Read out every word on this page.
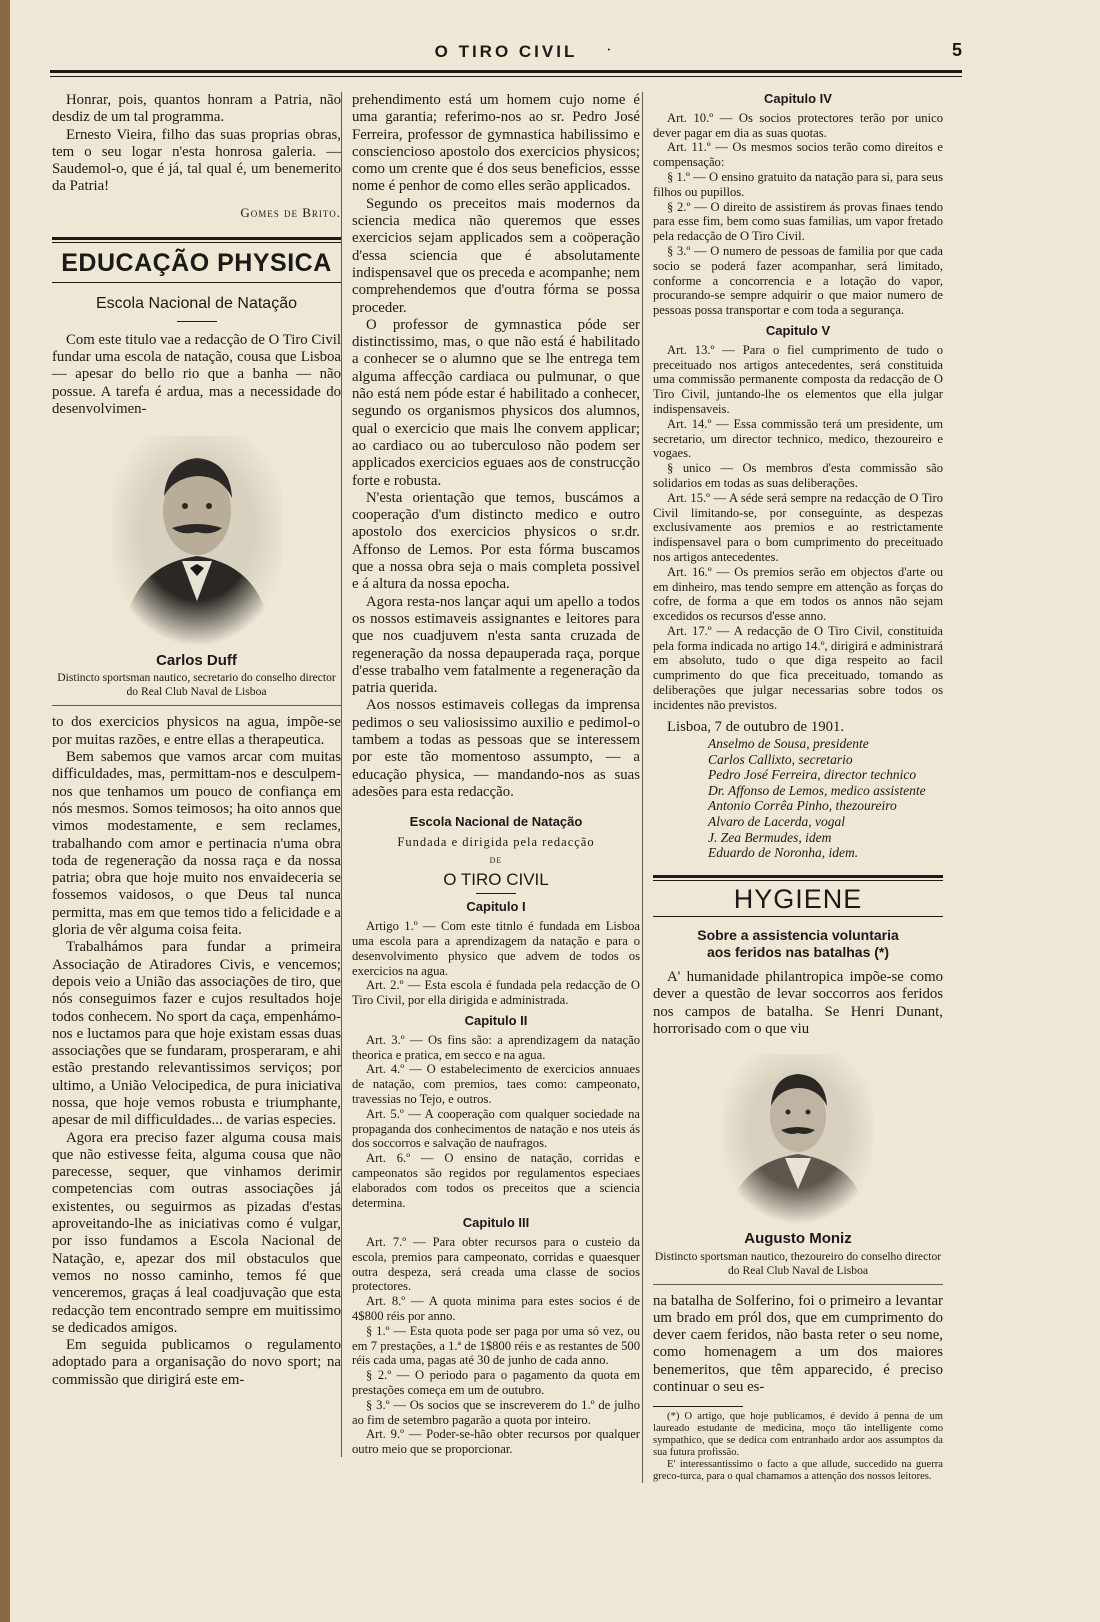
O TIRO CIVIL	·	5

Honrar, pois, quantos honram a Patria, não desdiz de um tal programma.

Ernesto Vieira, filho das suas proprias obras, tem o seu logar n'esta honrosa galeria. — Saudemol-o, que é já, tal qual é, um benemerito da Patria!

Gomes de Brito.
EDUCAÇÃO PHYSICA
Escola Nacional de Natação

Com este titulo vae a redacção de O Tiro Civil fundar uma escola de natação, cousa que Lisboa — apesar do bello rio que a banha — não possue. A tarefa é ardua, mas a necessidade do desenvolvimen-

Carlos Duff
Distincto sportsman nautico, secretario do conselho director do Real Club Naval de Lisboa

to dos exercicios physicos na agua, impõe-se por muitas razões, e entre ellas a therapeutica.

Bem sabemos que vamos arcar com muitas difficuldades, mas, permittam-nos e desculpem-nos que tenhamos um pouco de confiança em nós mesmos. Somos teimosos; ha oito annos que vimos modestamente, e sem reclames, trabalhando com amor e pertinacia n'uma obra toda de regeneração da nossa raça e da nossa patria; obra que hoje muito nos envaideceria se fossemos vaidosos, o que Deus tal nunca permitta, mas em que temos tido a felicidade e a gloria de vêr alguma coisa feita.

Trabalhámos para fundar a primeira Associação de Atiradores Civis, e vencemos; depois veio a União das associações de tiro, que nós conseguimos fazer e cujos resultados hoje todos conhecem. No sport da caça, empenhámo-nos e luctamos para que hoje existam essas duas associações que se fundaram, prosperaram, e ahi estão prestando relevantissimos serviços; por ultimo, a União Velocipedica, de pura iniciativa nossa, que hoje vemos robusta e triumphante, apesar de mil difficuldades... de varias especies.

Agora era preciso fazer alguma cousa mais que não estivesse feita, alguma cousa que não parecesse, sequer, que vinhamos derimir competencias com outras associações já existentes, ou seguirmos as pizadas d'estas aproveitando-lhe as iniciativas como é vulgar, por isso fundamos a Escola Nacional de Natação, e, apezar dos mil obstaculos que vemos no nosso caminho, temos fé que venceremos, graças á leal coadjuvação que esta redacção tem encontrado sempre em muitissimo se dedicados amigos.

Em seguida publicamos o regulamento adoptado para a organisação do novo sport; na commissão que dirigirá este em-

prehendimento está um homem cujo nome é uma garantia; referimo-nos ao sr. Pedro José Ferreira, professor de gymnastica habilissimo e consciencioso apostolo dos exercicios physicos; como um crente que é dos seus beneficios, essse nome é penhor de como elles serão applicados.

Segundo os preceitos mais modernos da sciencia medica não queremos que esses exercicios sejam applicados sem a coöperação d'essa sciencia que é absolutamente indispensavel que os preceda e acompanhe; nem comprehendemos que d'outra fórma se possa proceder.

O professor de gymnastica póde ser distinctissimo, mas, o que não está é habilitado a conhecer se o alumno que se lhe entrega tem alguma affecção cardiaca ou pulmunar, o que não está nem póde estar é habilitado a conhecer, segundo os organismos physicos dos alumnos, qual o exercicio que mais lhe convem applicar; ao cardiaco ou ao tuberculoso não podem ser applicados exercicios eguaes aos de construcção forte e robusta.

N'esta orientação que temos, buscámos a cooperação d'um distincto medico e outro apostolo dos exercicios physicos o sr.dr. Affonso de Lemos. Por esta fórma buscamos que a nossa obra seja o mais completa possivel e á altura da nossa epocha.

Agora resta-nos lançar aqui um apello a todos os nossos estimaveis assignantes e leitores para que nos cuadjuvem n'esta santa cruzada de regeneração da nossa depauperada raça, porque d'esse trabalho vem fatalmente a regeneração da patria querida.

Aos nossos estimaveis collegas da imprensa pedimos o seu valiosissimo auxilio e pedimol-o tambem a todas as pessoas que se interessem por este tão momentoso assumpto, — a educação physica, — mandando-nos as suas adesões para esta redacção.

Escola Nacional de Natação
Fundada e dirigida pela redacção
DE
O TIRO CIVIL
Capitulo I

Artigo 1.º — Com este titnlo é fundada em Lisboa uma escola para a aprendizagem da natação e para o desenvolvimento physico que advem de todos os exercicios na agua.

Art. 2.º — Esta escola é fundada pela redacção de O Tiro Civil, por ella dirigida e administrada.

Capitulo II

Art. 3.º — Os fins são: a aprendizagem da natação theorica e pratica, em secco e na agua.

Art. 4.º — O estabelecimento de exercicios annuaes de natação, com premios, taes como: campeonato, travessias no Tejo, e outros.

Art. 5.º — A cooperação com qualquer sociedade na propaganda dos conhecimentos de natação e nos uteis ás dos soccorros e salvação de naufragos.

Art. 6.º — O ensino de natação, corridas e campeonatos são regidos por regulamentos especiaes elaborados com todos os preceitos que a sciencia determina.

Capitulo III

Art. 7.º — Para obter recursos para o custeio da escola, premios para campeonato, corridas e quaesquer outra despeza, será creada uma classe de socios protectores.

Art. 8.º — A quota minima para estes socios é de 4$800 réis por anno.

§ 1.º — Esta quota pode ser paga por uma só vez, ou em 7 prestações, a 1.ª de 1$800 réis e as restantes de 500 réis cada uma, pagas até 30 de junho de cada anno.

§ 2.º — O periodo para o pagamento da quota em prestações começa em um de outubro.

§ 3.º — Os socios que se inscreverem do 1.º de julho ao fim de setembro pagarão a quota por inteiro.

Art. 9.º — Poder-se-hão obter recursos por qualquer outro meio que se proporcionar.

Capitulo IV

Art. 10.º — Os socios protectores terão por unico dever pagar em dia as suas quotas.

Art. 11.º — Os mesmos socios terão como direitos e compensação:

§ 1.º — O ensino gratuito da natação para si, para seus filhos ou pupillos.

§ 2.º — O direito de assistirem ás provas finaes tendo para esse fim, bem como suas familias, um vapor fretado pela redacção de O Tiro Civil.

§ 3.º — O numero de pessoas de familia por que cada socio se poderá fazer acompanhar, será limitado, conforme a concorrencia e a lotação do vapor, procurando-se sempre adquirir o que maior numero de pessoas possa transportar e com toda a segurança.

Capitulo V

Art. 13.º — Para o fiel cumprimento de tudo o preceituado nos artigos antecedentes, será constituida uma commissão permanente composta da redacção de O Tiro Civil, juntando-lhe os elementos que ella julgar indispensaveis.

Art. 14.º — Essa commissão terá um presidente, um secretario, um director technico, medico, thezoureiro e vogaes.

§ unico — Os membros d'esta commissão são solidarios em todas as suas deliberações.

Art. 15.º — A séde será sempre na redacção de O Tiro Civil limitando-se, por conseguinte, as despezas exclusivamente aos premios e ao restrictamente indispensavel para o bom cumprimento do preceituado nos artigos antecedentes.

Art. 16.º — Os premios serão em objectos d'arte ou em dinheiro, mas tendo sempre em attenção as forças do cofre, de forma a que em todos os annos não sejam excedidos os recursos d'esse anno.

Art. 17.º — A redacção de O Tiro Civil, constituida pela forma indicada no artigo 14.º, dirigirá e administrará em absoluto, tudo o que diga respeito ao facil cumprimento do que fica preceituado, tomando as deliberações que julgar necessarias sobre todos os incidentes não previstos.

Lisboa, 7 de outubro de 1901.

Anselmo de Sousa, presidente

Carlos Callixto, secretario

Pedro José Ferreira, director technico

Dr. Affonso de Lemos, medico assistente

Antonio Corrêa Pinho, thezoureiro

Alvaro de Lacerda, vogal

J. Zea Bermudes, idem

Eduardo de Noronha, idem.

HYGIENE
Sobre a assistencia voluntaria
aos feridos nas batalhas (*)

A' humanidade philantropica impõe-se como dever a questão de levar soccorros aos feridos nos campos de batalha. Se Henri Dunant, horrorisado com o que viu

Augusto Moniz
Distincto sportsman nautico, thezoureiro do conselho director do Real Club Naval de Lisboa

na batalha de Solferino, foi o primeiro a levantar um brado em pról dos, que em cumprimento do dever caem feridos, não basta reter o seu nome, como homenagem a um dos maiores benemeritos, que têm apparecido, é preciso continuar o seu es-

(*) O artigo, que hoje publicamos, é devido á penna de um laureado estudante de medicina, moço tão intelligente como sympathico, que se dedica com entranhado ardor aos assumptos da sua futura profissão.

E' interessantissimo o facto a que allude, succedido na guerra greco-turca, para o qual chamamos a attenção dos nossos leitores.
